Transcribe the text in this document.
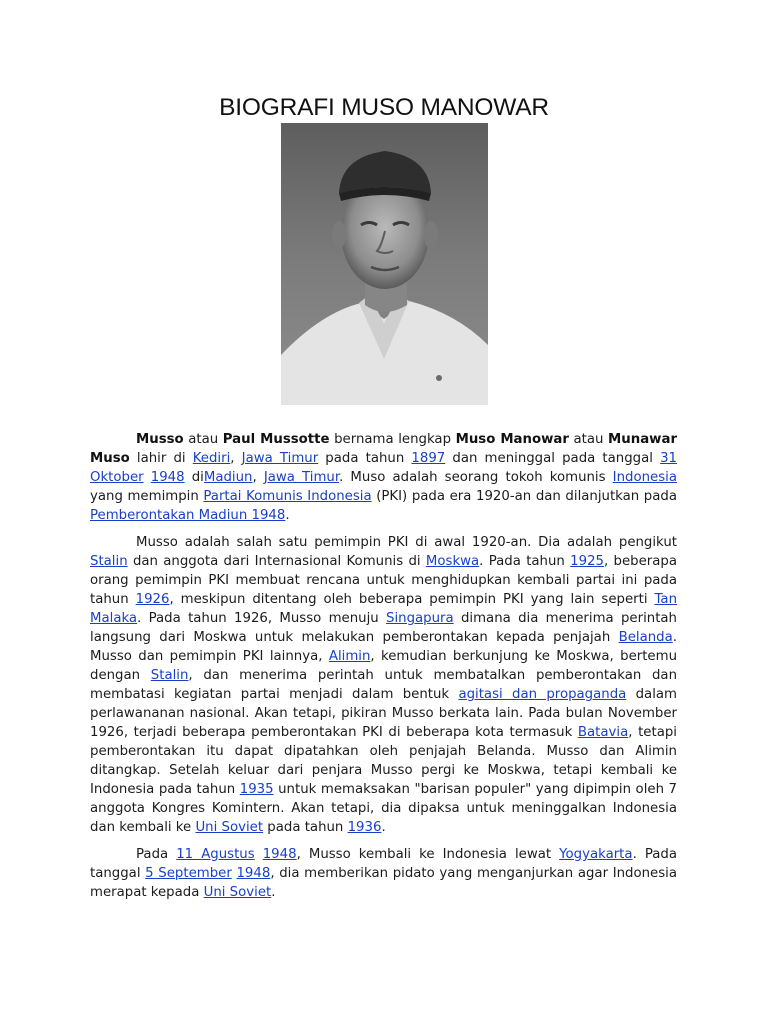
BIOGRAFI MUSO MANOWAR

Musso atau Paul Mussotte bernama lengkap Muso Manowar atau Munawar Muso lahir di Kediri, Jawa Timur pada tahun 1897 dan meninggal pada tanggal 31 Oktober 1948 diMadiun, Jawa Timur. Muso adalah seorang tokoh komunis Indonesia yang memimpin Partai Komunis Indonesia (PKI) pada era 1920-an dan dilanjutkan pada Pemberontakan Madiun 1948.

Musso adalah salah satu pemimpin PKI di awal 1920-an. Dia adalah pengikut Stalin dan anggota dari Internasional Komunis di Moskwa. Pada tahun 1925, beberapa orang pemimpin PKI membuat rencana untuk menghidupkan kembali partai ini pada tahun 1926, meskipun ditentang oleh beberapa pemimpin PKI yang lain seperti Tan Malaka. Pada tahun 1926, Musso menuju Singapura dimana dia menerima perintah langsung dari Moskwa untuk melakukan pemberontakan kepada penjajah Belanda. Musso dan pemimpin PKI lainnya, Alimin, kemudian berkunjung ke Moskwa, bertemu dengan Stalin, dan menerima perintah untuk membatalkan pemberontakan dan membatasi kegiatan partai menjadi dalam bentuk agitasi dan propaganda dalam perlawananan nasional. Akan tetapi, pikiran Musso berkata lain. Pada bulan November 1926, terjadi beberapa pemberontakan PKI di beberapa kota termasuk Batavia, tetapi pemberontakan itu dapat dipatahkan oleh penjajah Belanda. Musso dan Alimin ditangkap. Setelah keluar dari penjara Musso pergi ke Moskwa, tetapi kembali ke Indonesia pada tahun 1935 untuk memaksakan "barisan populer" yang dipimpin oleh 7 anggota Kongres Komintern. Akan tetapi, dia dipaksa untuk meninggalkan Indonesia dan kembali ke Uni Soviet pada tahun 1936.

Pada 11 Agustus 1948, Musso kembali ke Indonesia lewat Yogyakarta. Pada tanggal 5 September 1948, dia memberikan pidato yang menganjurkan agar Indonesia merapat kepada Uni Soviet.
